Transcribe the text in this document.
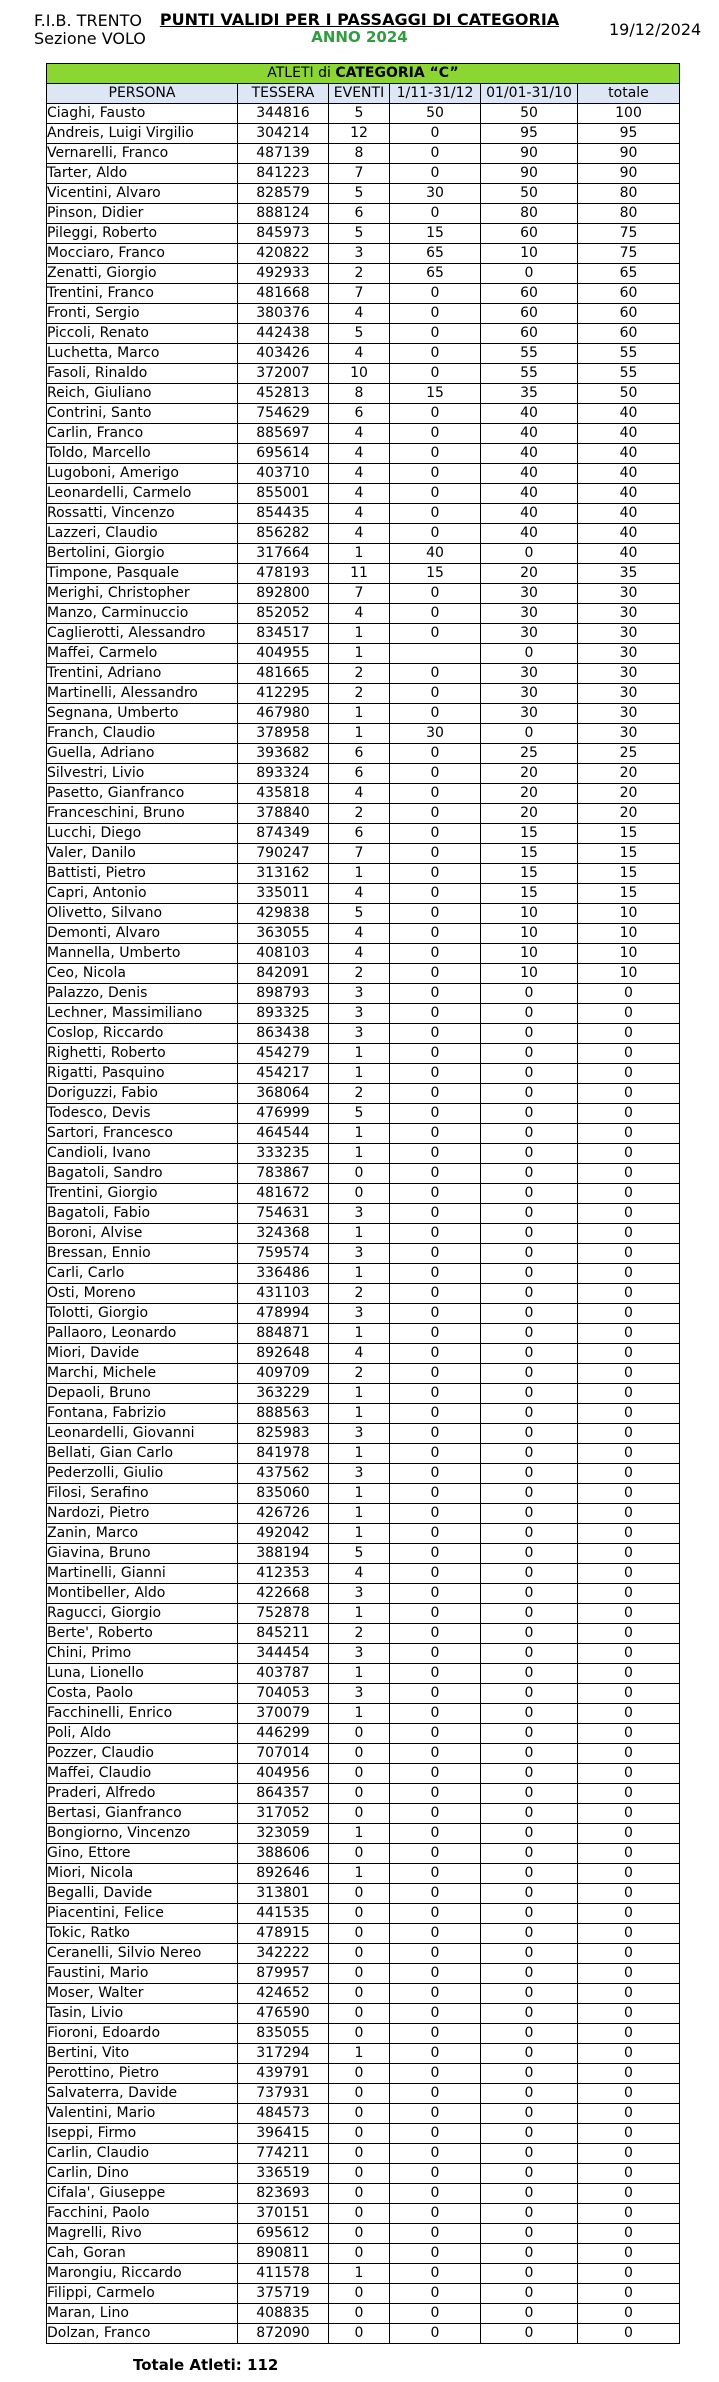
F.I.B. TRENTO
Sezione VOLO
PUNTI VALIDI PER I PASSAGGI DI CATEGORIA
ANNO 2024	19/12/2024
ATLETI di CATEGORIA “C”					
PERSONA	TESSERA	EVENTI	1/11-31/12	01/01-31/10	totale
Ciaghi, Fausto	344816	5	50	50	100
Andreis, Luigi Virgilio	304214	12	0	95	95
Vernarelli, Franco	487139	8	0	90	90
Tarter, Aldo	841223	7	0	90	90
Vicentini, Alvaro	828579	5	30	50	80
Pinson, Didier	888124	6	0	80	80
Pileggi, Roberto	845973	5	15	60	75
Mocciaro, Franco	420822	3	65	10	75
Zenatti, Giorgio	492933	2	65	0	65
Trentini, Franco	481668	7	0	60	60
Fronti, Sergio	380376	4	0	60	60
Piccoli, Renato	442438	5	0	60	60
Luchetta, Marco	403426	4	0	55	55
Fasoli, Rinaldo	372007	10	0	55	55
Reich, Giuliano	452813	8	15	35	50
Contrini, Santo	754629	6	0	40	40
Carlin, Franco	885697	4	0	40	40
Toldo, Marcello	695614	4	0	40	40
Lugoboni, Amerigo	403710	4	0	40	40
Leonardelli, Carmelo	855001	4	0	40	40
Rossatti, Vincenzo	854435	4	0	40	40
Lazzeri, Claudio	856282	4	0	40	40
Bertolini, Giorgio	317664	1	40	0	40
Timpone, Pasquale	478193	11	15	20	35
Merighi, Christopher	892800	7	0	30	30
Manzo, Carminuccio	852052	4	0	30	30
Caglierotti, Alessandro	834517	1	0	30	30
Maffei, Carmelo	404955	1		0	30
Trentini, Adriano	481665	2	0	30	30
Martinelli, Alessandro	412295	2	0	30	30
Segnana, Umberto	467980	1	0	30	30
Franch, Claudio	378958	1	30	0	30
Guella, Adriano	393682	6	0	25	25
Silvestri, Livio	893324	6	0	20	20
Pasetto, Gianfranco	435818	4	0	20	20
Franceschini, Bruno	378840	2	0	20	20
Lucchi, Diego	874349	6	0	15	15
Valer, Danilo	790247	7	0	15	15
Battisti, Pietro	313162	1	0	15	15
Capri, Antonio	335011	4	0	15	15
Olivetto, Silvano	429838	5	0	10	10
Demonti, Alvaro	363055	4	0	10	10
Mannella, Umberto	408103	4	0	10	10
Ceo, Nicola	842091	2	0	10	10
Palazzo, Denis	898793	3	0	0	0
Lechner, Massimiliano	893325	3	0	0	0
Coslop, Riccardo	863438	3	0	0	0
Righetti, Roberto	454279	1	0	0	0
Rigatti, Pasquino	454217	1	0	0	0
Doriguzzi, Fabio	368064	2	0	0	0
Todesco, Devis	476999	5	0	0	0
Sartori, Francesco	464544	1	0	0	0
Candioli, Ivano	333235	1	0	0	0
Bagatoli, Sandro	783867	0	0	0	0
Trentini, Giorgio	481672	0	0	0	0
Bagatoli, Fabio	754631	3	0	0	0
Boroni, Alvise	324368	1	0	0	0
Bressan, Ennio	759574	3	0	0	0
Carli, Carlo	336486	1	0	0	0
Osti, Moreno	431103	2	0	0	0
Tolotti, Giorgio	478994	3	0	0	0
Pallaoro, Leonardo	884871	1	0	0	0
Miori, Davide	892648	4	0	0	0
Marchi, Michele	409709	2	0	0	0
Depaoli, Bruno	363229	1	0	0	0
Fontana, Fabrizio	888563	1	0	0	0
Leonardelli, Giovanni	825983	3	0	0	0
Bellati, Gian Carlo	841978	1	0	0	0
Pederzolli, Giulio	437562	3	0	0	0
Filosi, Serafino	835060	1	0	0	0
Nardozi, Pietro	426726	1	0	0	0
Zanin, Marco	492042	1	0	0	0
Giavina, Bruno	388194	5	0	0	0
Martinelli, Gianni	412353	4	0	0	0
Montibeller, Aldo	422668	3	0	0	0
Ragucci, Giorgio	752878	1	0	0	0
Berte', Roberto	845211	2	0	0	0
Chini, Primo	344454	3	0	0	0
Luna, Lionello	403787	1	0	0	0
Costa, Paolo	704053	3	0	0	0
Facchinelli, Enrico	370079	1	0	0	0
Poli, Aldo	446299	0	0	0	0
Pozzer, Claudio	707014	0	0	0	0
Maffei, Claudio	404956	0	0	0	0
Praderi, Alfredo	864357	0	0	0	0
Bertasi, Gianfranco	317052	0	0	0	0
Bongiorno, Vincenzo	323059	1	0	0	0
Gino, Ettore	388606	0	0	0	0
Miori, Nicola	892646	1	0	0	0
Begalli, Davide	313801	0	0	0	0
Piacentini, Felice	441535	0	0	0	0
Tokic, Ratko	478915	0	0	0	0
Ceranelli, Silvio Nereo	342222	0	0	0	0
Faustini, Mario	879957	0	0	0	0
Moser, Walter	424652	0	0	0	0
Tasin, Livio	476590	0	0	0	0
Fioroni, Edoardo	835055	0	0	0	0
Bertini, Vito	317294	1	0	0	0
Perottino, Pietro	439791	0	0	0	0
Salvaterra, Davide	737931	0	0	0	0
Valentini, Mario	484573	0	0	0	0
Iseppi, Firmo	396415	0	0	0	0
Carlin, Claudio	774211	0	0	0	0
Carlin, Dino	336519	0	0	0	0
Cifala', Giuseppe	823693	0	0	0	0
Facchini, Paolo	370151	0	0	0	0
Magrelli, Rivo	695612	0	0	0	0
Cah, Goran	890811	0	0	0	0
Marongiu, Riccardo	411578	1	0	0	0
Filippi, Carmelo	375719	0	0	0	0
Maran, Lino	408835	0	0	0	0
Dolzan, Franco	872090	0	0	0	0
Totale Atleti: 112
